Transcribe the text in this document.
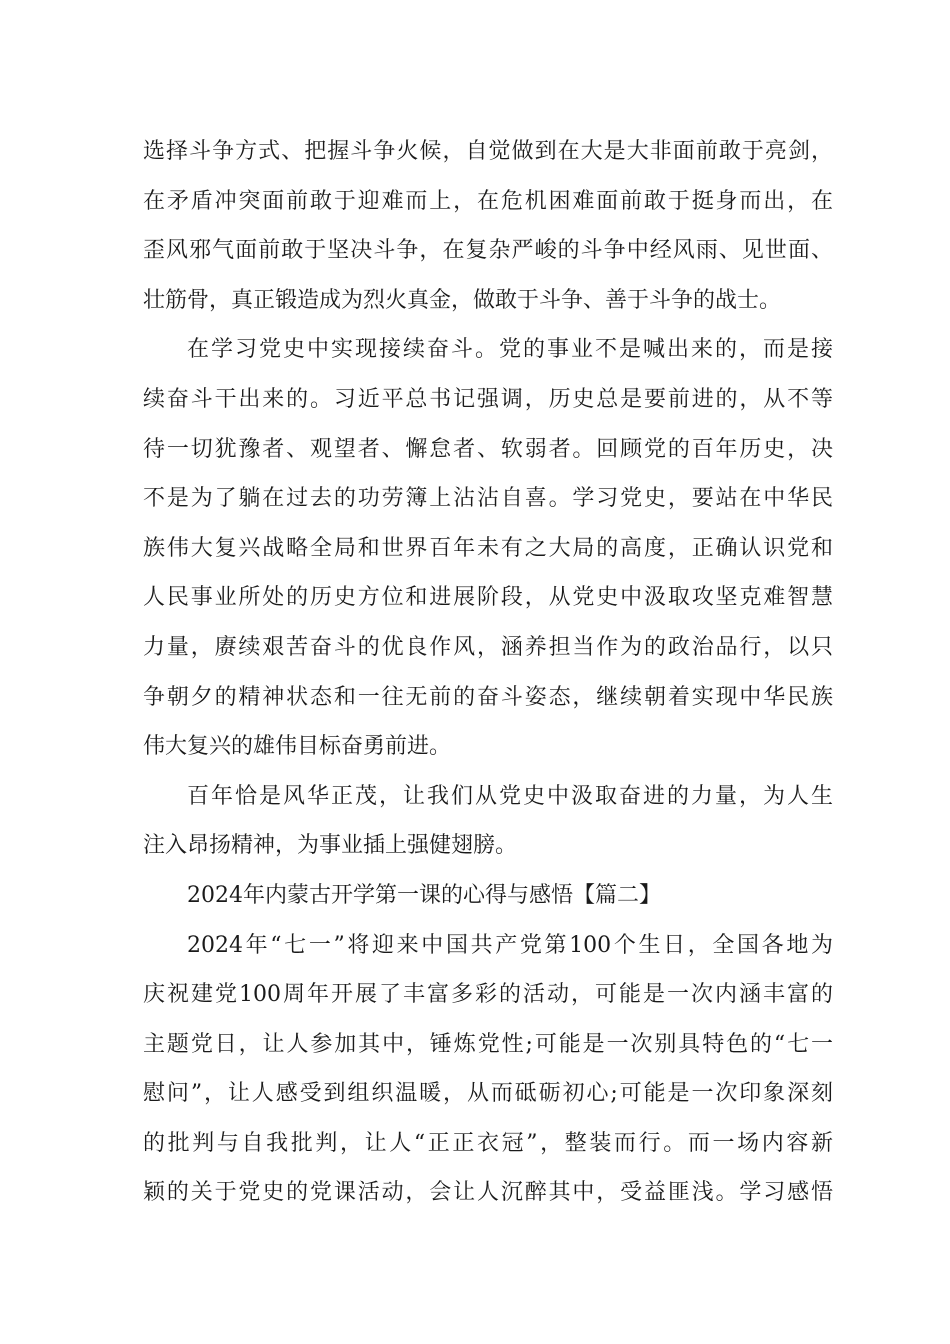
选择斗争方式、把握斗争火候，自觉做到在大是大非面前敢于亮剑，
在矛盾冲突面前敢于迎难而上，在危机困难面前敢于挺身而出，在
歪风邪气面前敢于坚决斗争，在复杂严峻的斗争中经风雨、见世面、
壮筋骨，真正锻造成为烈火真金，做敢于斗争、善于斗争的战士。
在学习党史中实现接续奋斗。党的事业不是喊出来的，而是接
续奋斗干出来的。习近平总书记强调，历史总是要前进的，从不等
待一切犹豫者、观望者、懈怠者、软弱者。回顾党的百年历史，决
不是为了躺在过去的功劳簿上沾沾自喜。学习党史，要站在中华民
族伟大复兴战略全局和世界百年未有之大局的高度，正确认识党和
人民事业所处的历史方位和进展阶段，从党史中汲取攻坚克难智慧
力量，赓续艰苦奋斗的优良作风，涵养担当作为的政治品行，以只
争朝夕的精神状态和一往无前的奋斗姿态，继续朝着实现中华民族
伟大复兴的雄伟目标奋勇前进。
百年恰是风华正茂，让我们从党史中汲取奋进的力量，为人生
注入昂扬精神，为事业插上强健翅膀。
2024年内蒙古开学第一课的心得与感悟【篇二】
2024年“七一”将迎来中国共产党第100个生日，全国各地为
庆祝建党100周年开展了丰富多彩的活动，可能是一次内涵丰富的
主题党日，让人参加其中，锤炼党性;可能是一次别具特色的“七一
慰问”，让人感受到组织温暖，从而砥砺初心;可能是一次印象深刻
的批判与自我批判，让人“正正衣冠”，整装而行。而一场内容新
颖的关于党史的党课活动，会让人沉醉其中，受益匪浅。学习感悟
